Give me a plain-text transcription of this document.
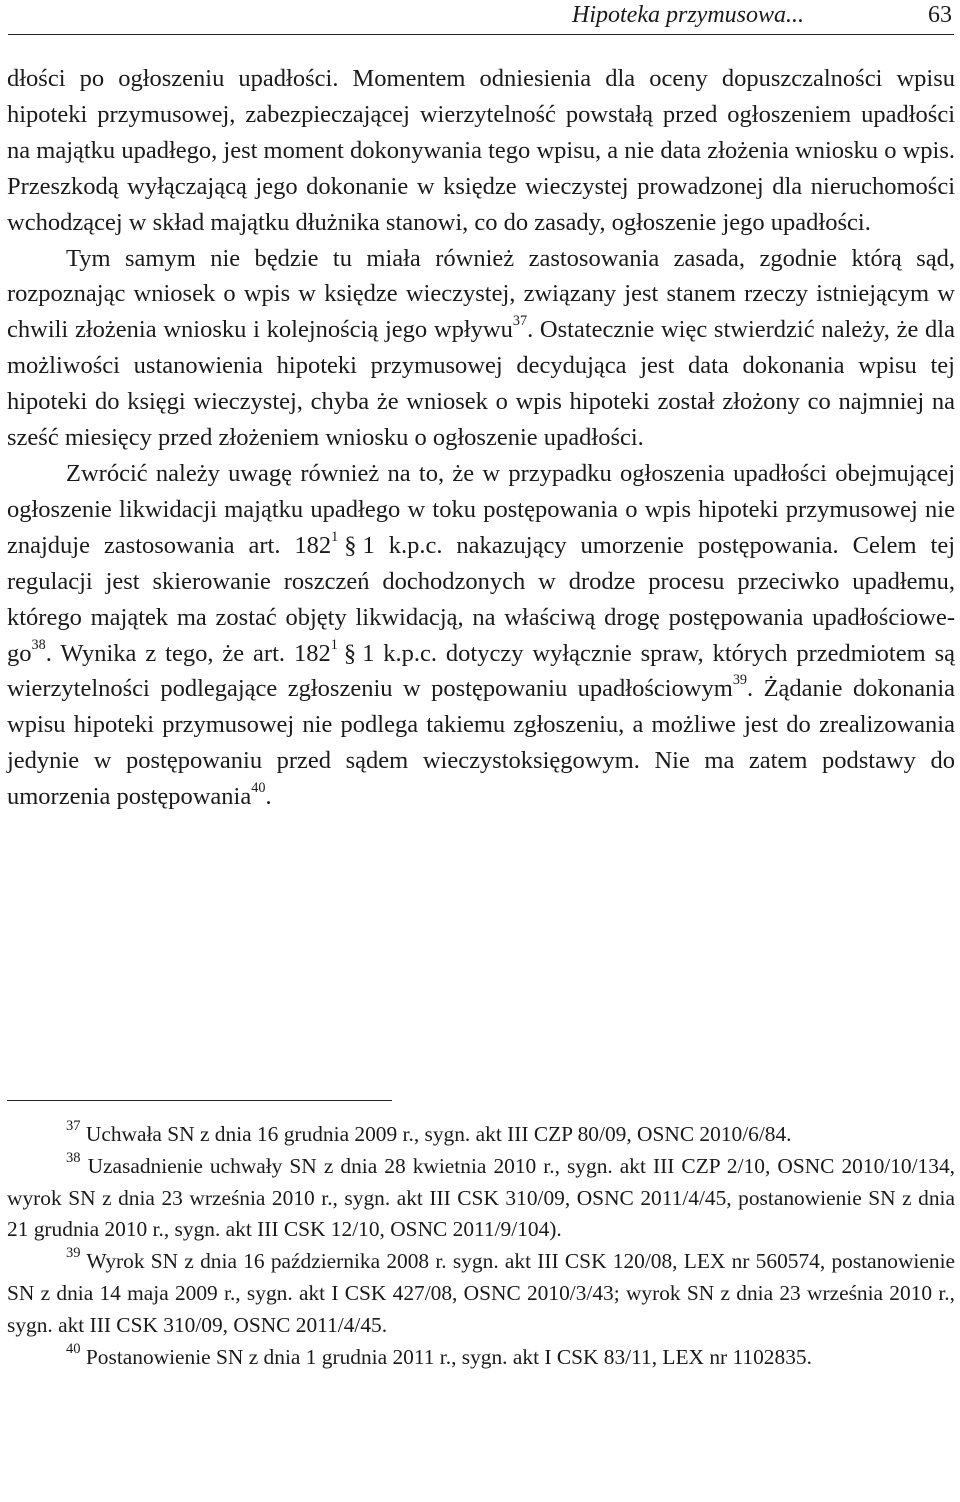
Hipoteka przymusowa...	63

dłości po ogłoszeniu upadłości. Momentem odniesienia dla oceny dopuszczalności wpisu hipoteki przymusowej, zabezpieczającej wierzytelność powstałą przed ogłoszeniem upadłości na majątku upadłego, jest moment dokonywania tego wpisu, a nie data złożenia wniosku o wpis. Przeszkodą wyłączającą jego dokonanie w księdze wieczystej prowadzonej dla nieruchomości wchodzącej w skład majątku dłużnika stanowi, co do zasady, ogłoszenie jego upadłości.

Tym samym nie będzie tu miała również zastosowania zasada, zgodnie którą sąd, rozpoznając wniosek o wpis w księdze wieczystej, związany jest stanem rzeczy istniejącym w chwili złożenia wniosku i kolejnością jego wpływu$^{37}$. Ostatecznie więc stwierdzić należy, że dla możliwości ustanowienia hipoteki przymusowej decydująca jest data dokonania wpisu tej hipoteki do księgi wieczystej, chyba że wniosek o wpis hipoteki został złożony co najmniej na sześć miesięcy przed złożeniem wniosku o ogłoszenie upadłości.

Zwrócić należy uwagę również na to, że w przypadku ogłoszenia upadłości obejmującej ogłoszenie likwidacji majątku upadłego w toku postępowania o wpis hipoteki przymusowej nie znajduje zastosowania art. $182^1$ § 1 k.p.c. nakazujący umorzenie postępowania. Celem tej regulacji jest skierowanie roszczeń dochodzonych w drodze procesu przeciwko upadłemu, którego majątek ma zostać objęty likwidacją, na właściwą drogę postępowania upadłościowego$^{38}$. Wynika z tego, że art. $182^1$ § 1 k.p.c. dotyczy wyłącznie spraw, których przedmiotem są wierzytelności podlegające zgłoszeniu w postępowaniu upadłościowym$^{39}$. Żądanie dokonania wpisu hipoteki przymusowej nie podlega takiemu zgłoszeniu, a możliwe jest do zrealizowania jedynie w postępowaniu przed sądem wieczystoksięgowym. Nie ma zatem podstawy do umorzenia postępowania$^{40}$.

$^{37}$ Uchwała SN z dnia 16 grudnia 2009 r., sygn. akt III CZP 80/09, OSNC 2010/6/84.

$^{38}$ Uzasadnienie uchwały SN z dnia 28 kwietnia 2010 r., sygn. akt III CZP 2/10, OSNC 2010/10/134, wyrok SN z dnia 23 września 2010 r., sygn. akt III CSK 310/09, OSNC 2011/4/45, postanowienie SN z dnia 21 grudnia 2010 r., sygn. akt III CSK 12/10, OSNC 2011/9/104).

$^{39}$ Wyrok SN z dnia 16 października 2008 r. sygn. akt III CSK 120/08, LEX nr 560574, postanowienie SN z dnia 14 maja 2009 r., sygn. akt I CSK 427/08, OSNC 2010/3/43; wyrok SN z dnia 23 września 2010 r., sygn. akt III CSK 310/09, OSNC 2011/4/45.

$^{40}$ Postanowienie SN z dnia 1 grudnia 2011 r., sygn. akt I CSK 83/11, LEX nr 1102835.
